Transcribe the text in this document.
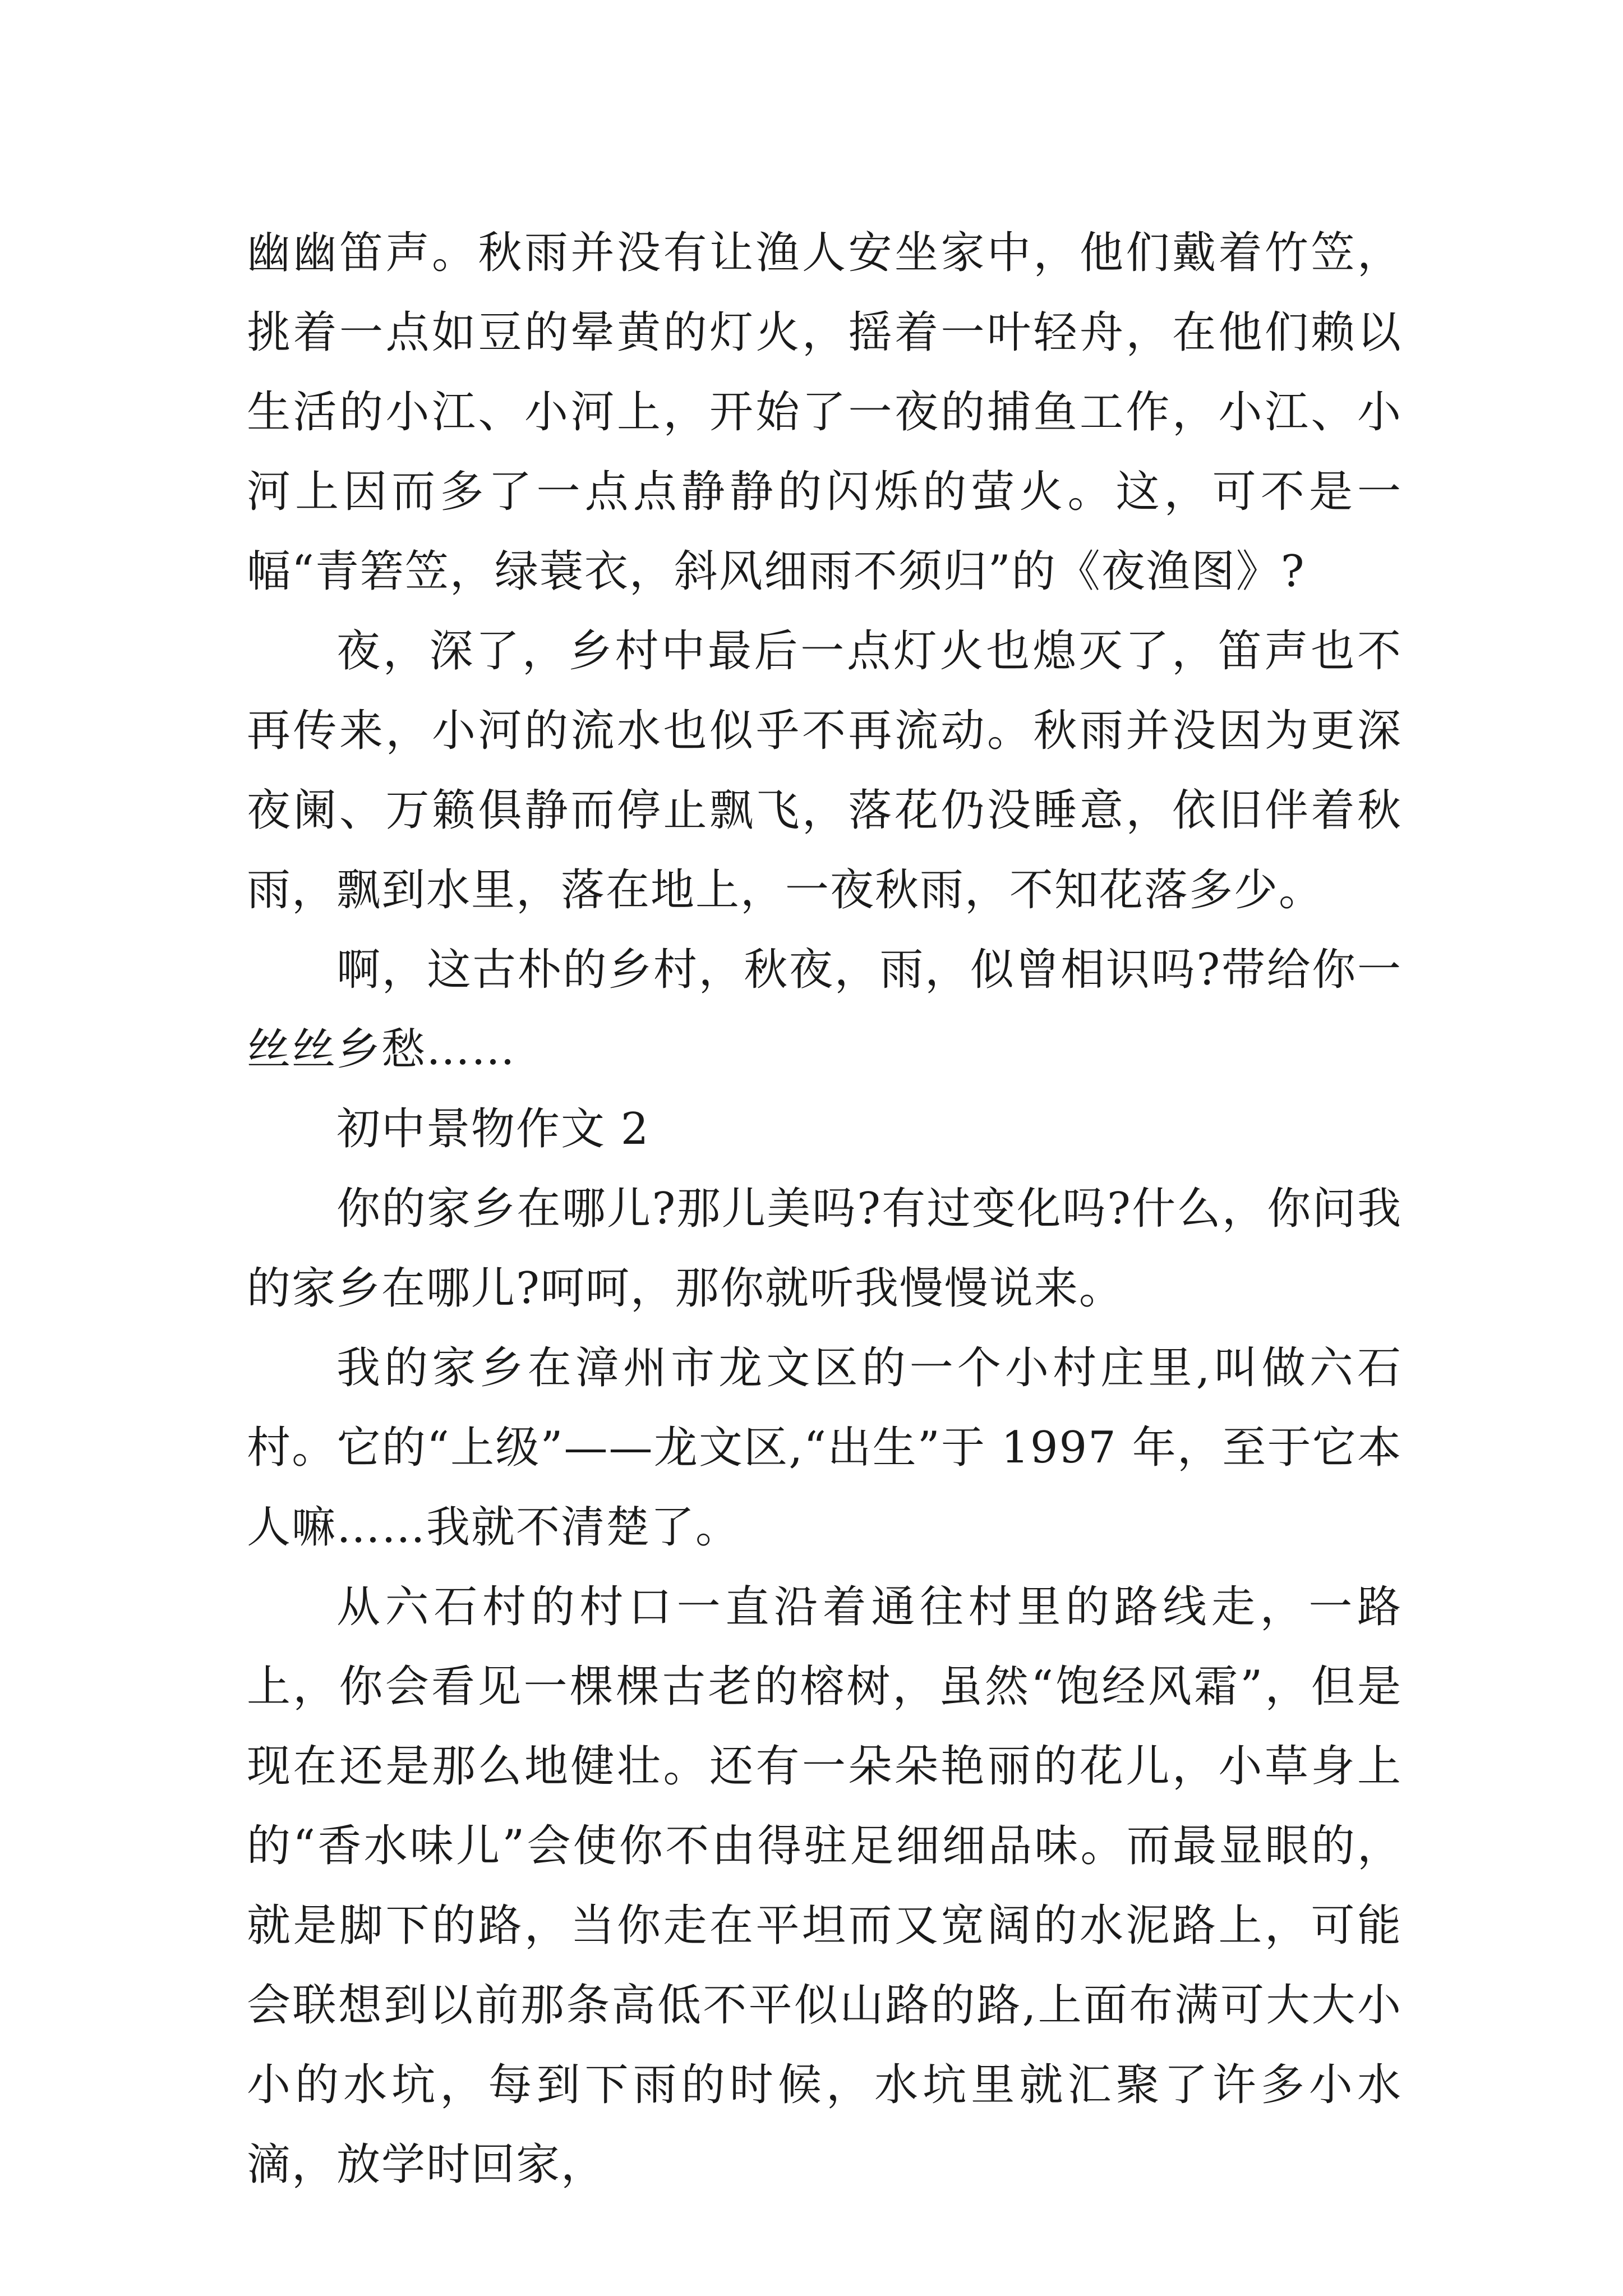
幽幽笛声。秋雨并没有让渔人安坐家中，他们戴着竹笠，挑着一点如豆的晕黄的灯火，摇着一叶轻舟，在他们赖以生活的小江、小河上，开始了一夜的捕鱼工作，小江、小河上因而多了一点点静静的闪烁的萤火。这，可不是一幅“青箬笠，绿蓑衣，斜风细雨不须归”的《夜渔图》?

夜，深了，乡村中最后一点灯火也熄灭了，笛声也不再传来，小河的流水也似乎不再流动。秋雨并没因为更深夜阑、万籁俱静而停止飘飞，落花仍没睡意，依旧伴着秋雨，飘到水里，落在地上，一夜秋雨，不知花落多少。

啊，这古朴的乡村，秋夜，雨，似曾相识吗?带给你一丝丝乡愁……

初中景物作文 2

你的家乡在哪儿?那儿美吗?有过变化吗?什么，你问我的家乡在哪儿?呵呵，那你就听我慢慢说来。

我的家乡在漳州市龙文区的一个小村庄里,叫做六石村。它的“上级”——龙文区,“出生”于 1997 年，至于它本人嘛……我就不清楚了。

从六石村的村口一直沿着通往村里的路线走，一路上，你会看见一棵棵古老的榕树，虽然“饱经风霜”，但是现在还是那么地健壮。还有一朵朵艳丽的花儿，小草身上的“香水味儿”会使你不由得驻足细细品味。而最显眼的，就是脚下的路，当你走在平坦而又宽阔的水泥路上，可能会联想到以前那条高低不平似山路的路,上面布满可大大小小的水坑，每到下雨的时候，水坑里就汇聚了许多小水滴，放学时回家，
